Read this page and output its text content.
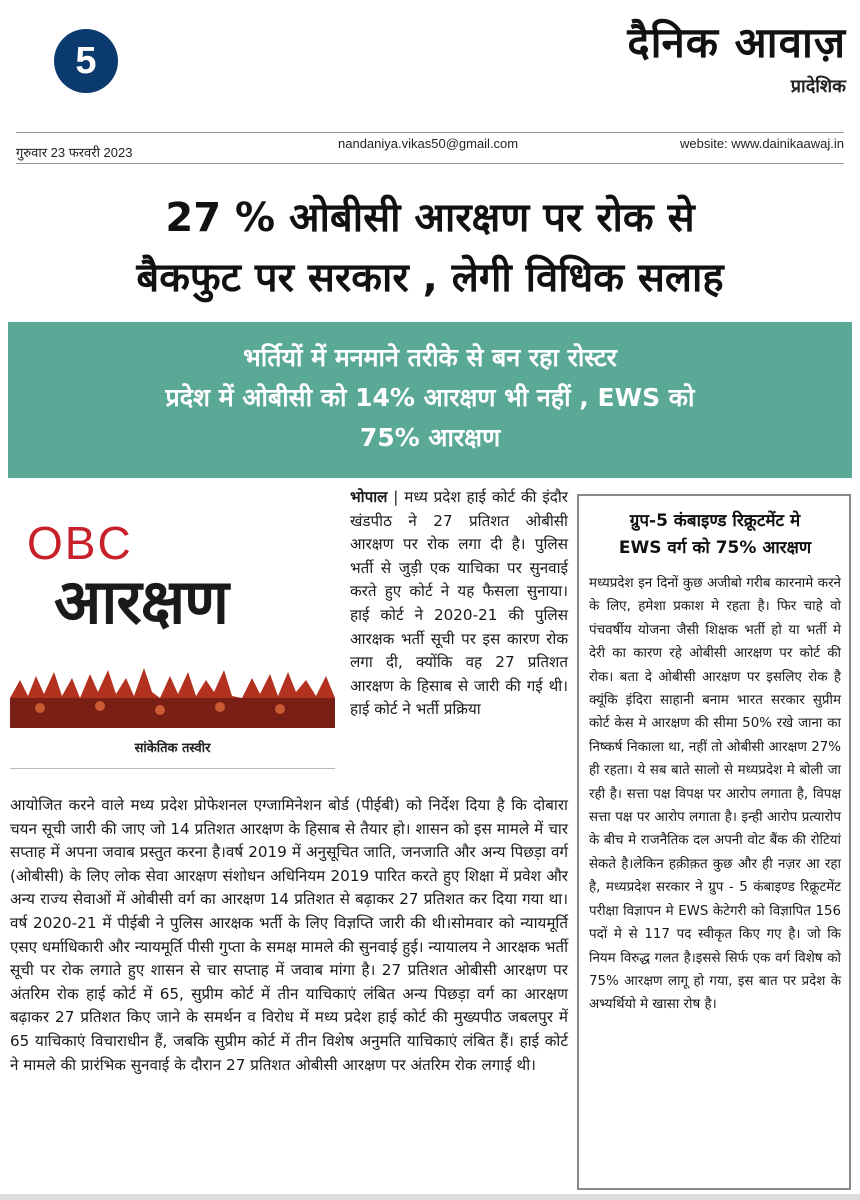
5	दैनिक आवाज़
प्रादेशिक
गुरुवार 23 फरवरी 2023
nandaniya.vikas50@gmail.com	website: www.dainikaawaj.in
27 % ओबीसी आरक्षण पर रोक से
बैकफुट पर सरकार , लेगी विधिक सलाह
भर्तियों में मनमाने तरीके से बन रहा रोस्टर
प्रदेश में ओबीसी को 14% आरक्षण भी नहीं , EWS को
75% आरक्षण
OBC
आरक्षण
सांकेतिक तस्वीर
भोपाल | मध्य प्रदेश हाई कोर्ट की इंदौर खंडपीठ ने 27 प्रतिशत ओबीसी आरक्षण पर रोक लगा दी है। पुलिस भर्ती से जुड़ी एक याचिका पर सुनवाई करते हुए कोर्ट ने यह फैसला सुनाया। हाई कोर्ट ने 2020-21 की पुलिस आरक्षक भर्ती सूची पर इस कारण रोक लगा दी, क्योंकि वह 27 प्रतिशत आरक्षण के हिसाब से जारी की गई थी।हाई कोर्ट ने भर्ती प्रक्रिया
आयोजित करने वाले मध्य प्रदेश प्रोफेशनल एग्जामिनेशन बोर्ड (पीईबी) को निर्देश दिया है कि दोबारा चयन सूची जारी की जाए जो 14 प्रतिशत आरक्षण के हिसाब से तैयार हो। शासन को इस मामले में चार सप्ताह में अपना जवाब प्रस्तुत करना है।वर्ष 2019 में अनुसूचित जाति, जनजाति और अन्य पिछड़ा वर्ग (ओबीसी) के लिए लोक सेवा आरक्षण संशोधन अधिनियम 2019 पारित करते हुए शिक्षा में प्रवेश और अन्य राज्य सेवाओं में ओबीसी वर्ग का आरक्षण 14 प्रतिशत से बढ़ाकर 27 प्रतिशत कर दिया गया था। वर्ष 2020-21 में पीईबी ने पुलिस आरक्षक भर्ती के लिए विज्ञप्ति जारी की थी।सोमवार को न्यायमूर्ति एसए धर्माधिकारी और न्यायमूर्ति पीसी गुप्ता के समक्ष मामले की सुनवाई हुई। न्यायालय ने आरक्षक भर्ती सूची पर रोक लगाते हुए शासन से चार सप्ताह में जवाब मांगा है। 27 प्रतिशत ओबीसी आरक्षण पर अंतरिम रोक हाई कोर्ट में 65, सुप्रीम कोर्ट में तीन याचिकाएं लंबित अन्य पिछड़ा वर्ग का आरक्षण बढ़ाकर 27 प्रतिशत किए जाने के समर्थन व विरोध में मध्य प्रदेश हाई कोर्ट की मुख्यपीठ जबलपुर में 65 याचिकाएं विचाराधीन हैं, जबकि सुप्रीम कोर्ट में तीन विशेष अनुमति याचिकाएं लंबित हैं। हाई कोर्ट ने मामले की प्रारंभिक सुनवाई के दौरान 27 प्रतिशत ओबीसी आरक्षण पर अंतरिम रोक लगाई थी।
ग्रुप-5 कंबाइण्ड रिक्रूटमेंट मे
EWS वर्ग को 75% आरक्षण
मध्यप्रदेश इन दिनों कुछ अजीबो गरीब कारनामे करने के लिए, हमेशा प्रकाश मे रहता है। फिर चाहे वो पंचवर्षीय योजना जैसी शिक्षक भर्ती हो या भर्ती मे देरी का कारण रहे ओबीसी आरक्षण पर कोर्ट की रोक। बता दे ओबीसी आरक्षण पर इसलिए रोक है क्यूंकि इंदिरा साहानी बनाम भारत सरकार सुप्रीम कोर्ट केस मे आरक्षण की सीमा 50% रखे जाना का निष्कर्ष निकाला था, नहीं तो ओबीसी आरक्षण 27% ही रहता। ये सब बाते सालो से मध्यप्रदेश मे बोली जा रही है। सत्ता पक्ष विपक्ष पर आरोप लगाता है, विपक्ष सत्ता पक्ष पर आरोप लगाता है। इन्ही आरोप प्रत्यारोप के बीच मे राजनैतिक दल अपनी वोट बैंक की रोटियां सेकते है।लेकिन हक़ीक़त कुछ और ही नज़र आ रहा है, मध्यप्रदेश सरकार ने ग्रुप - 5 कंबाइण्ड रिक्रूटमेंट परीक्षा विज्ञापन मे EWS केटेगरी को विज्ञापित 156 पदों मे से 117 पद स्वीकृत किए गए है। जो कि नियम विरुद्ध गलत है।इससे सिर्फ एक वर्ग विशेष को 75% आरक्षण लागू हो गया, इस बात पर प्रदेश के अभ्यर्थियो मे खासा रोष है।
